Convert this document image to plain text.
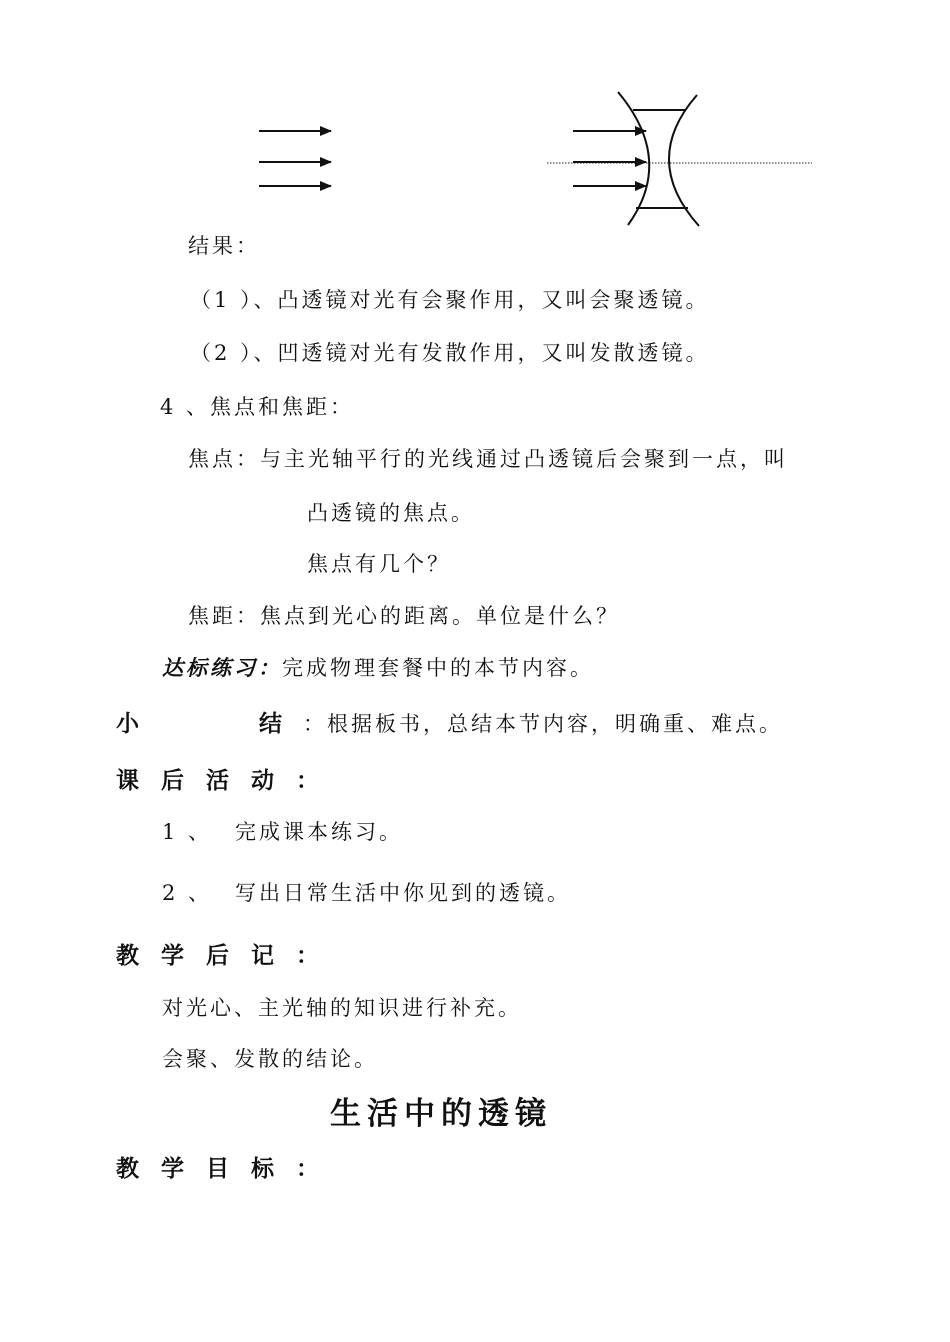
结果：
（1 ）、凸透镜对光有会聚作用，又叫会聚透镜。
（2 ）、凹透镜对光有发散作用，又叫发散透镜。
4 、焦点和焦距：
焦点：与主光轴平行的光线通过凸透镜后会聚到一点，叫
凸透镜的焦点。
焦点有几个？
焦距：焦点到光心的距离。单位是什么？
达标练习：完成物理套餐中的本节内容。
小	结 ：根据板书，总结本节内容，明确重、难点。
课后活动：
1 、 完成课本练习。
2 、 写出日常生活中你见到的透镜。
教学后记：
对光心、主光轴的知识进行补充。
会聚、发散的结论。
生活中的透镜
教学目标：
